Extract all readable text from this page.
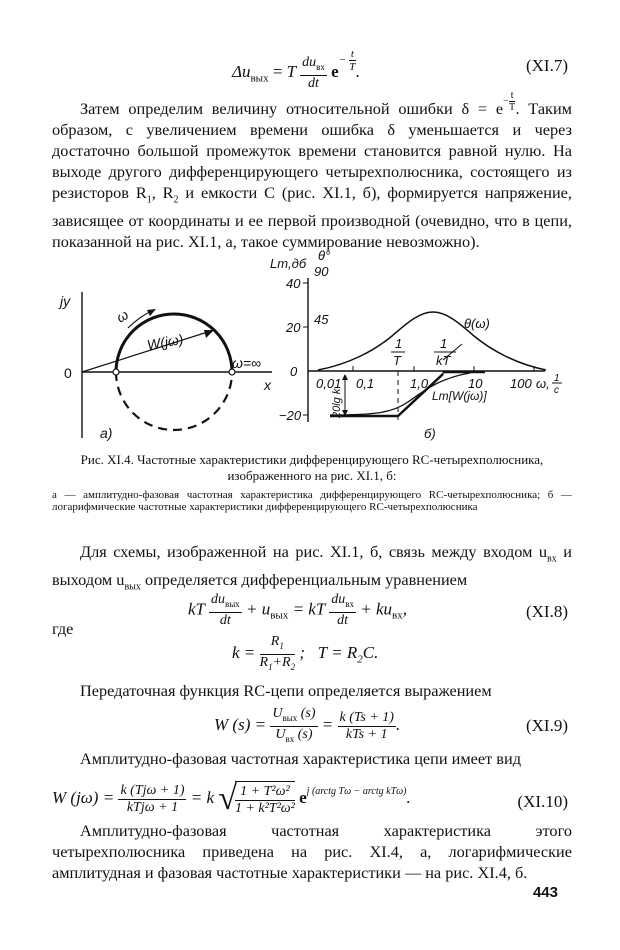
$\Delta u_{вых} = T \frac{du_{вх}}{dt} e- \frac{t}{T}$ .	(XI.7)

Затем определим величину относительной ошибки $\delta = e- \frac{t}{T}$ . Таким образом, с увеличением времени ошибка δ уменьшается и через достаточно большой промежуток времени становится равной нулю. На выходе другого дифференцирующего четырехполюсника, состоящего из резисторов $R_1$, $R_2$ и емкости C (рис. XI.1, б), формируется напряжение, зависящее от координаты и ее первой производной (очевидно, что в цепи, показанной на рис. XI.1, а, такое суммирование невозможно).

jy
x
0
ω
W(jω)
ω=∞
а)
Lm,дб
θ°
40
90
20
45
0
−20
0,01 0,1	1,0	10 100 ω, 1
c
θ(ω)
1
T
1
kT
20lg k	Lm[W(jω)]
б)
Рис. XI.4. Частотные характеристики дифференцирующего RC-четырехполюсника, изображенного на рис. XI.1, б:
а — амплитудно-фазовая частотная характеристика дифференцирующего RC-четырехполюсника; б — логарифмические частотные характеристики дифференцирующего RC-четырехполюсника

Для схемы, изображенной на рис. XI.1, б, связь между входом $u_{вх}$ и выходом $u_{вых}$ определяется дифференциальным уравнением

kT $\frac{du_{вых}}{dt} + u_{вых}$ = kT $\frac{du_{вх}}{dt} + ku_{вх}$,	(XI.8)
где
$k = \frac{R_1}{R_1+R_2}$ ;   $T = R_2C$.
Передаточная функция RC-цепи определяется выражением
W $(s) = \frac{U_{вых} (s)}{U_{вх} (s)} = \frac{k (Ts + 1)}{\text{kTs + 1}}$ .	(XI.9)
Амплитудно-фазовая частотная характеристика цепи имеет вид
W $(j\omega) = \frac{\text{k (Tjω + 1)}}{\text{kTjω + 1}} = k$ √
$\frac{\text{1 + T²ω²}}{\text{1 + k²T²ω²}} e^{j (arctg T\omega - arctg kT\omega)}$.	(XI.10)
Амплитудно-фазовая частотная характеристика этого четырехполюсника приведена на рис. XI.4, а, логарифмические амплитудная и фазовая частотные характеристики — на рис. XI.4, б.
443
